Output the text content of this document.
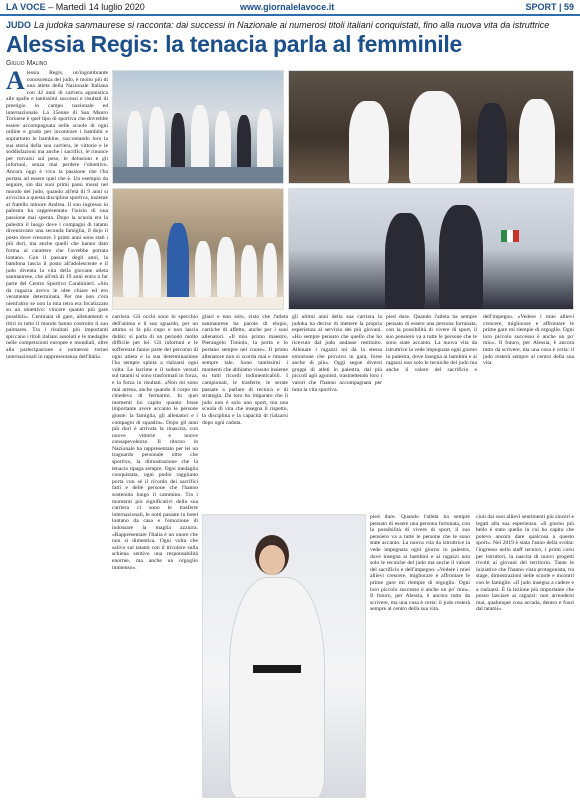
LA VOCE – Martedì 14 luglio 2020	www.giornalelavoce.it	SPORT | 59
JUDO La judoka sanmaurese si racconta: dai successi in Nazionale ai numerosi titoli italiani conquistati, fino alla nuova vita da istruttrice
Alessia Regis: la tenacia parla al femminile
Giulio Malino
A lessia Regis, un'ingombrante conoscenza del judo, è molto più di una atleta della Nazionale Italiana con 42 anni di carriera agonistica alle spalle e tantissimi successi e risultati di prestigio in campo nazionale ed internazionale. La 35enne di San Mauro Torinese è quel tipo di sportiva che dovrebbe essere accompagnata nelle scuole di ogni ordine e grado per incontrare i bambini e soprattutto le bambine, raccontando loro la sua storia della sua carriera, le vittorie e le soddisfazioni ma anche i sacrifici, le rinunce per trovarsi sul peso, le delusioni e gli infortuni, senza mai perdere l'obiettivo. Ancora oggi è viva la passione che l'ha portata ad essere quel che è. Un esempio da seguire, sin dai suoi primi passi mossi nel mondo del judo, quando all'età di 9 anni si avvicina a questa disciplina sportiva, insieme al fratello minore Andrea. Il suo ingresso in palestra ha rappresentato l'inizio di una passione mai spenta. Dopo la scuola era la palestra il luogo dove i compagni di tatami diventavano una seconda famiglia, il dojo il posto dove crescere. I primi anni sono stati i più duri, ma anche quelli che hanno dato forma al carattere che l'avrebbe portata lontano. Con il passare degli anni, la bambina lascia il posto all'adolescente e il judo diventa la vita della giovane atleta sanmaurese, che all'età di 19 anni entra a far parte del Centro Sportivo Carabinieri. «Sin da ragazza avevo le idee chiare ed ero veramente determinata. Per me non c'era nient'altro se non la mia tetra era focalizzato su un obiettivo: vincere quanto più gare possibili». Centinaia di gare, allenamenti e ritiri in tutto il mondo hanno costruito il suo palmares. Tra i risultati più importanti spiccano i titoli italiani assoluti e le medaglie nelle competizioni europee e mondiali, oltre alla partecipazione a numerosi tornei internazionali in rappresentanza dell'Italia.

carriera. Gli occhi sono lo specchio dell'anima e il suo sguardo, per un attimo si fa più cupo e non lascia dubbi: si parla di un periodo molto difficile per lei. Gli infortuni e le sofferenze fanno parte del percorso di ogni atleta e la sua determinazione l'ha sempre spinta a rialzarsi ogni volta. Le lacrime e il sudore versati sul tatami si sono trasformati in forza, e la forza in risultati. «Non mi sono mai arresa, anche quando il corpo mi chiedeva di fermarmi. In quei momenti ho capito quanto fosse importante avere accanto le persone giuste: la famiglia, gli allenatori e i compagni di squadra». Dopo gli anni più duri è arrivata la rinascita, con nuove vittorie e nuove consapevolezze. Il ritorno in Nazionale ha rappresentato per lei un traguardo personale oltre che sportivo, la dimostrazione che la tenacia ripaga sempre. Ogni medaglia conquistata, ogni podio raggiunto porta con sé il ricordo dei sacrifici fatti e delle persone che l'hanno sostenuta lungo il cammino. Tra i momenti più significativi della sua carriera ci sono le trasferte internazionali, le notti passate in hotel lontano da casa e l'emozione di indossare la maglia azzurra. «Rappresentare l'Italia è un onore che non si dimentica. Ogni volta che salivo sul tatami con il tricolore sulla schiena sentivo una responsabilità enorme, ma anche un orgoglio immenso».

gliari e non solo, visto che l'atleta sanmaurese ha parole di elogio, carriche di affetto, anche per i suoi allenatori. «Il mio primo maestro, Pierangelo Toniolo, la porta e lo portano sempre nel cuore». Il primo allenatore non si scorda mai e rimane sempre tale. Sono tantissimi i momenti che abbiamo vissuto insieme su tutti ricordi indimenticabili. I campionati, le trasferte, le serate passate a parlare di tecnica e di strategia. Da loro ho imparato che il judo non è solo uno sport, ma una scuola di vita che insegna il rispetto, la disciplina e la capacità di rialzarsi dopo ogni caduta.

gli ultimi anni della sua carriera la judoka ha deciso di mettere la propria esperienza al servizio dei più giovani. «Ho sempre pensato che quello che ho ricevuto dal judo andasse restituito. Allenare i ragazzi mi dà la stessa emozione che provavo in gara, forse anche di più». Oggi segue diversi gruppi di atleti in palestra, dai più piccoli agli agonisti, trasmettendo loro i valori che l'hanno accompagnata per tutta la vita sportiva.

pied dure. Quando l'atleta ha sempre pensato di essere una persona fortunata, con la possibilità di vivere di sport, il suo pensiero va a tutte le persone che le sono state accanto. La nuova vita da istruttrice la vede impegnata ogni giorno in palestra, dove insegna ai bambini e ai ragazzi non solo le tecniche del judo ma anche il valore del sacrificio e dell'impegno. «Vedere i miei allievi crescere, migliorare e affrontare le prime gare mi riempie di orgoglio. Ogni loro piccolo successo è anche un po' mio». Il futuro, per Alessia, è ancora tutto da scrivere, ma una cosa è certa: il judo resterà sempre al centro della sua vita.

ciuti dai suoi allievi sentimenti più sinceri e legati alla sua esperienza. «Il giorno più bello è stato quello in cui ho capito che potevo ancora dare qualcosa a questo sport». Nel 2019 è stata l'anno della svolta: l'ingresso nello staff tecnico, i primi corsi per istruttori, la nascita di nuovi progetti rivolti ai giovani del territorio. Tante le iniziative che l'hanno vista protagonista, tra stage, dimostrazioni nelle scuole e incontri con le famiglie. «Il judo insegna a cadere e a rialzarsi. È la lezione più importante che posso lasciare ai ragazzi: non arrendersi mai, qualunque cosa accada, dentro e fuori dal tatami».

pied dure. Quando l'atleta ha sempre pensato di essere una persona fortunata, con la possibilità di vivere di sport, il suo pensiero va a tutte le persone che le sono state accanto. La nuova vita da istruttrice la vede impegnata ogni giorno in palestra, dove insegna ai bambini e ai ragazzi non solo le tecniche del judo ma anche il valore del sacrificio e dell'impegno. «Vedere i miei allievi crescere, migliorare e affrontare le prime gare mi riempie di orgoglio. Ogni loro piccolo successo è anche un po' mio». Il futuro, per Alessia, è ancora tutto da scrivere, ma una cosa è certa: il judo resterà sempre al centro della sua vita.
